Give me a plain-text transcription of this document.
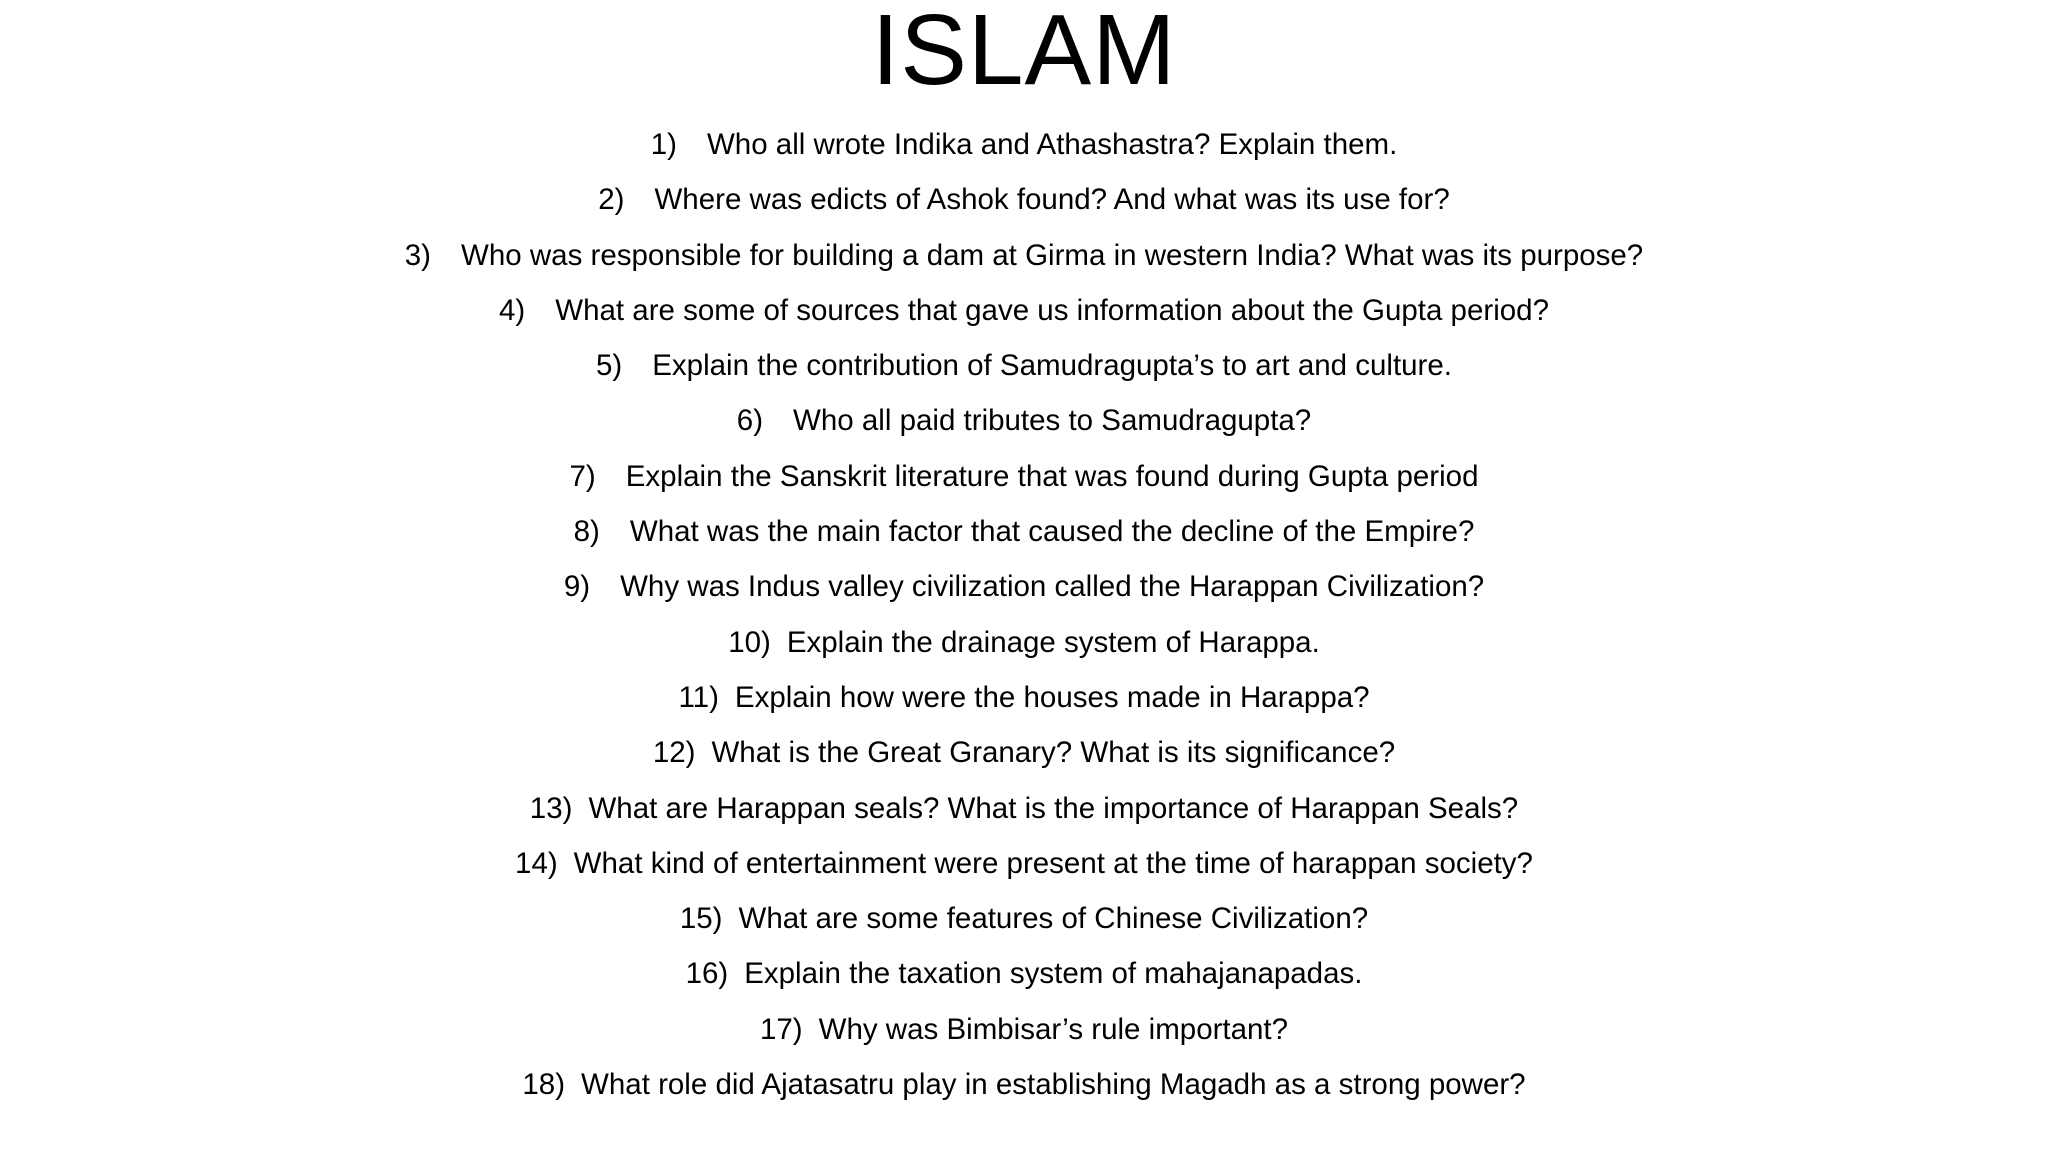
ISLAM
1) Who all wrote Indika and Athashastra? Explain them.
2) Where was edicts of Ashok found? And what was its use for?
3) Who was responsible for building a dam at Girma in western India? What was its purpose?
4) What are some of sources that gave us information about the Gupta period?
5) Explain the contribution of Samudragupta’s to art and culture.
6) Who all paid tributes to Samudragupta?
7) Explain the Sanskrit literature that was found during Gupta period
8) What was the main factor that caused the decline of the Empire?
9) Why was Indus valley civilization called the Harappan Civilization?
10) Explain the drainage system of Harappa.
11) Explain how were the houses made in Harappa?
12) What is the Great Granary? What is its significance?
13) What are Harappan seals? What is the importance of Harappan Seals?
14) What kind of entertainment were present at the time of harappan society?
15) What are some features of Chinese Civilization?
16) Explain the taxation system of mahajanapadas.
17) Why was Bimbisar’s rule important?
18) What role did Ajatasatru play in establishing Magadh as a strong power?
